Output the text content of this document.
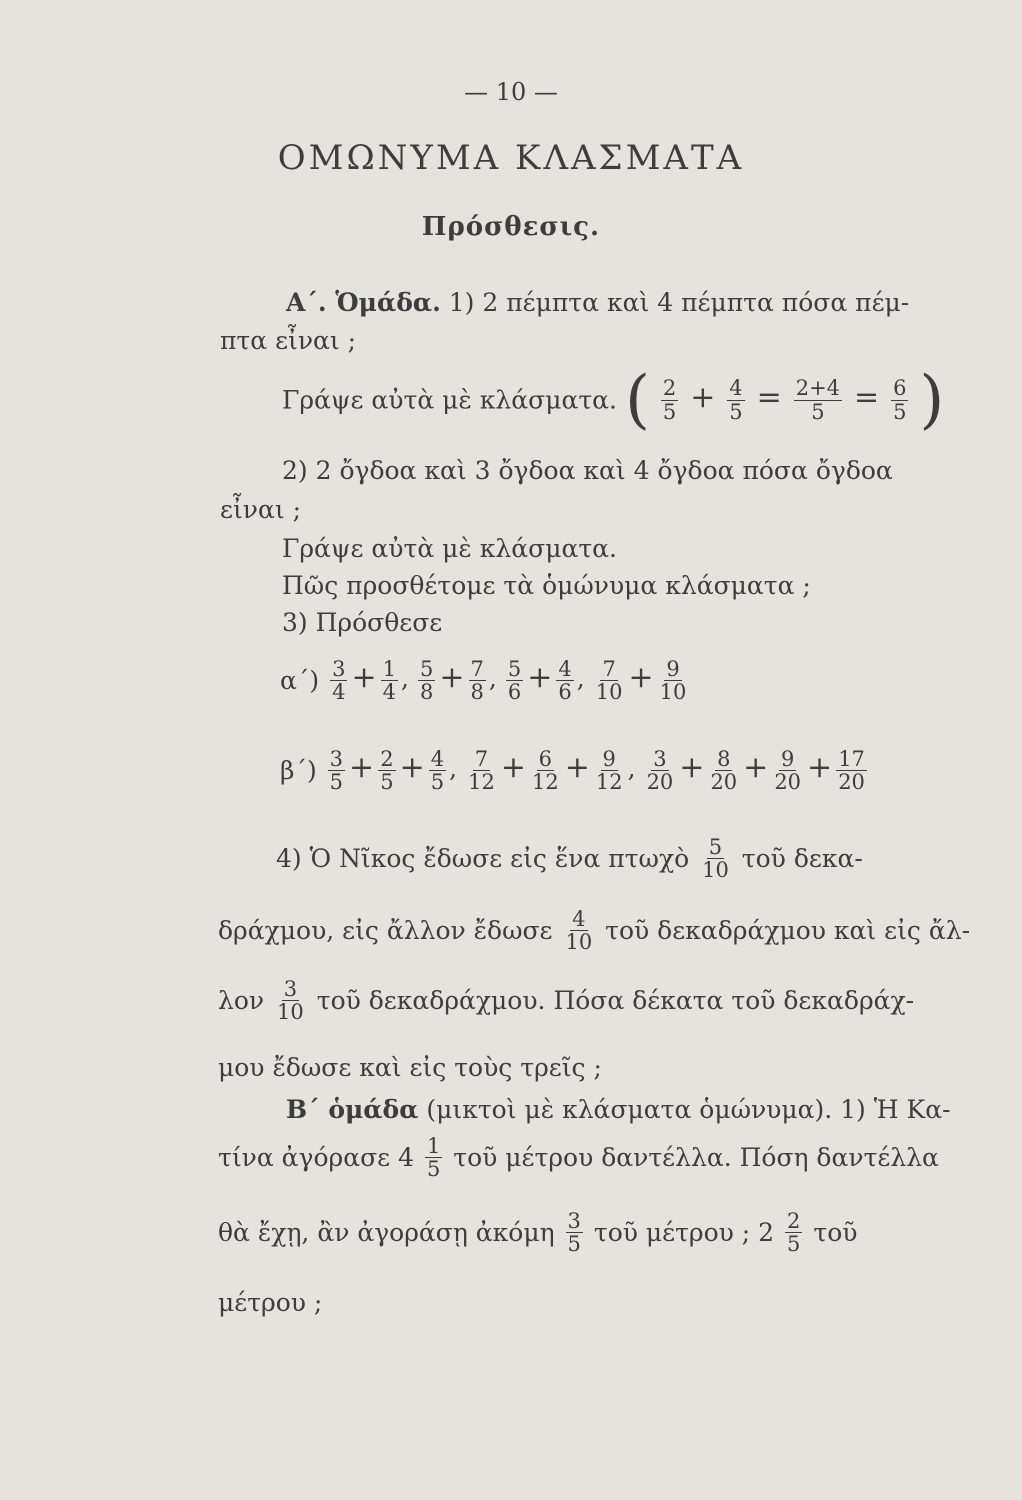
— 10 —
ΟΜΩΝΥΜΑ ΚΛΑΣΜΑΤΑ
Πρόσθεσις.
Α΄. Ὁμάδα. 1) 2 πέμπτα καὶ 4 πέμπτα πόσα πέμ-
πτα εἶναι ;
Γράψε αὐτὰ μὲ κλάσματα. ( $\frac{2}{5} + \frac{4}{5} = \frac{2+4}{5} = \frac{6}{5}$ )
2) 2 ὄγδοα καὶ 3 ὄγδοα καὶ 4 ὄγδοα πόσα ὄγδοα
εἶναι ;
Γράψε αὐτὰ μὲ κλάσματα.
Πῶς προσθέτομε τὰ ὁμώνυμα κλάσματα ;
3) Πρόσθεσε
$\alpha΄) \frac{3}{4} + \frac{1}{4}$ , $\frac{5}{8} + \frac{7}{8}$ , $\frac{5}{6} + \frac{4}{6}$ , $\frac{7}{10} + \frac{9}{10}$
$\beta΄) \frac{3}{5} + \frac{2}{5} + \frac{4}{5}$ , $\frac{7}{12} + \frac{6}{12} + \frac{9}{12}$ , $\frac{3}{20} + \frac{8}{20} + \frac{9}{20} + \frac{17}{20}$
4) Ὁ Νῖκος ἔδωσε εἰς ἕνα πτωχὸ $\frac{5}{10}$ τοῦ δεκα-
δράχμου, εἰς ἄλλον ἔδωσε $\frac{4}{10}$ τοῦ δεκαδράχμου καὶ εἰς ἄλ-
λον $\frac{3}{10}$ τοῦ δεκαδράχμου. Πόσα δέκατα τοῦ δεκαδράχ-
μου ἔδωσε καὶ εἰς τοὺς τρεῖς ;
Β΄ ὁμάδα (μικτοὶ μὲ κλάσματα ὁμώνυμα). 1) Ἡ Κα-
τίνα ἀγόρασε $4 \frac{1}{5}$ τοῦ μέτρου δαντέλλα. Πόση δαντέλλα
θὰ ἔχῃ, ἂν ἀγοράσῃ ἀκόμη $\frac{3}{5}$ τοῦ μέτρου ; $2 \frac{2}{5}$ τοῦ
μέτρου ;
